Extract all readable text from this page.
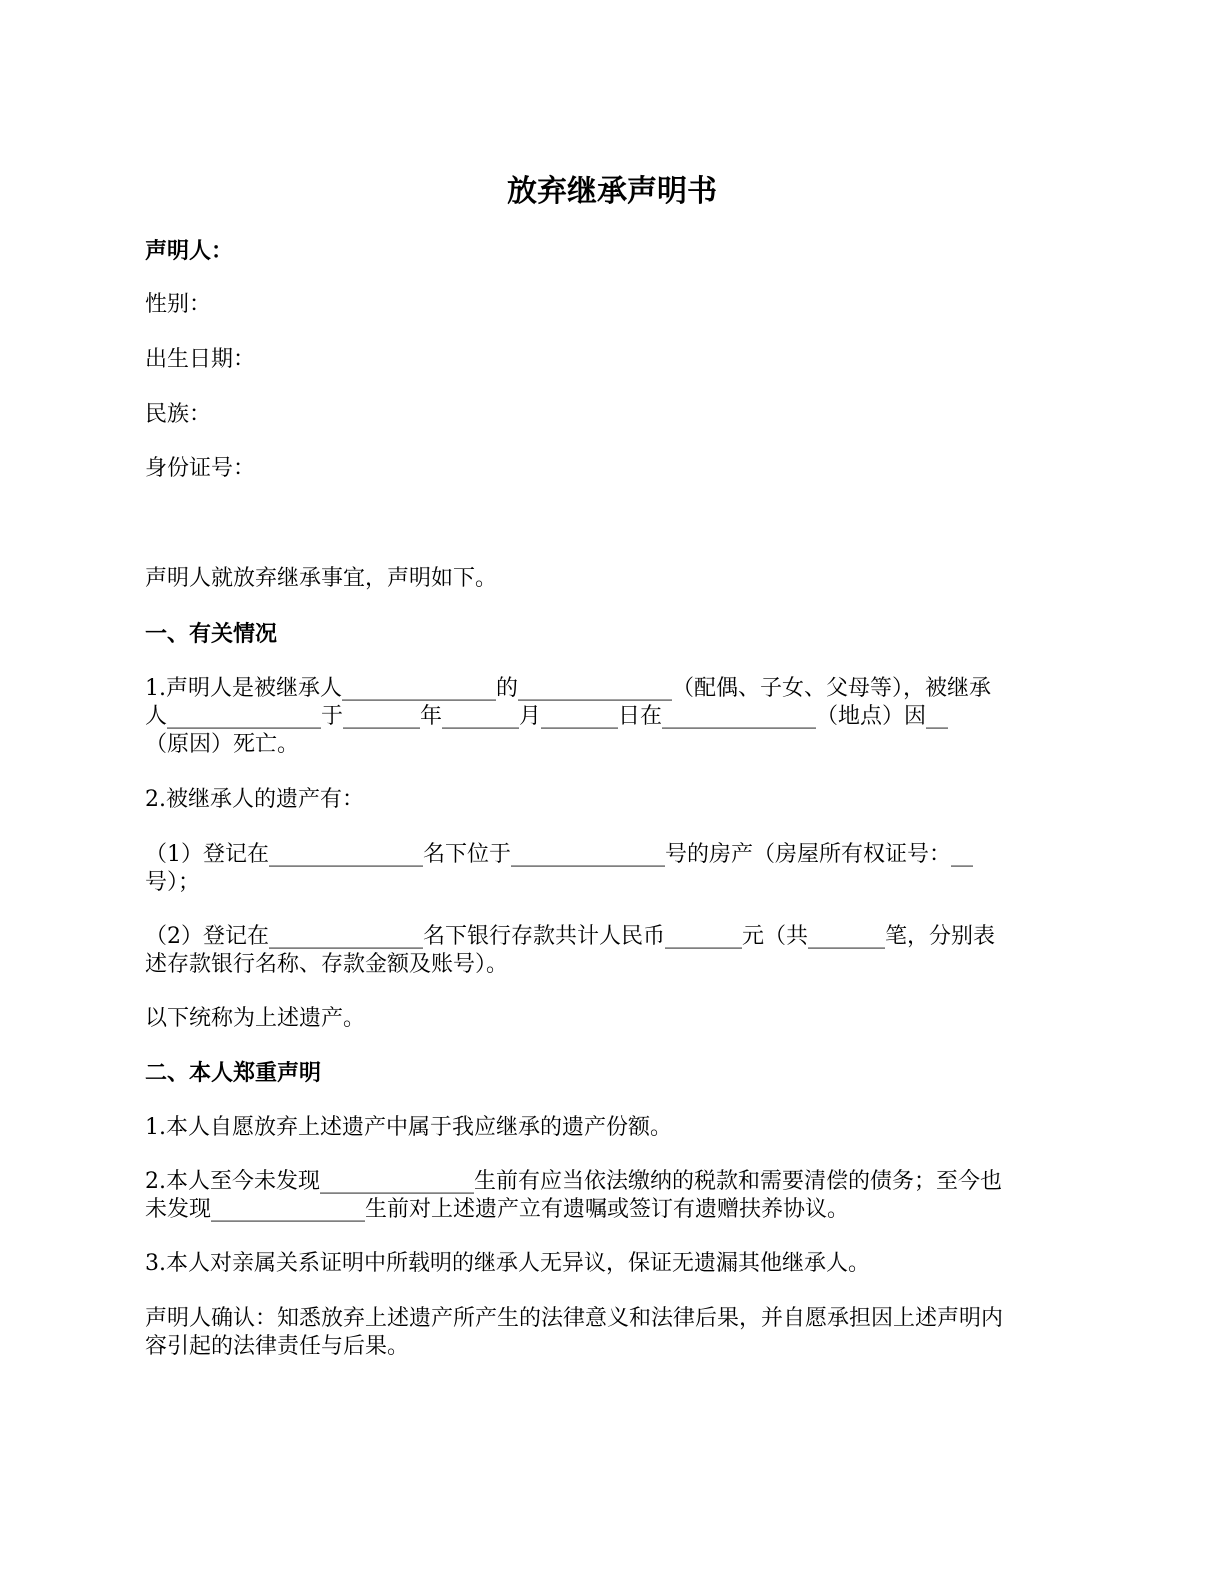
放弃继承声明书
声明人：
性别：
出生日期：
民族：
身份证号：
声明人就放弃继承事宜，声明如下。
一、有关情况
1.声明人是被继承人______________的______________（配偶、子女、父母等），被继承
人______________于_______年_______月_______日在______________（地点）因__
（原因）死亡。
2.被继承人的遗产有：
（1）登记在______________名下位于______________号的房产（房屋所有权证号：__
号）；
（2）登记在______________名下银行存款共计人民币_______元（共_______笔，分别表
述存款银行名称、存款金额及账号）。
以下统称为上述遗产。
二、本人郑重声明
1.本人自愿放弃上述遗产中属于我应继承的遗产份额。
2.本人至今未发现______________生前有应当依法缴纳的税款和需要清偿的债务；至今也
未发现______________生前对上述遗产立有遗嘱或签订有遗赠扶养协议。
3.本人对亲属关系证明中所载明的继承人无异议，保证无遗漏其他继承人。
声明人确认：知悉放弃上述遗产所产生的法律意义和法律后果，并自愿承担因上述声明内
容引起的法律责任与后果。
